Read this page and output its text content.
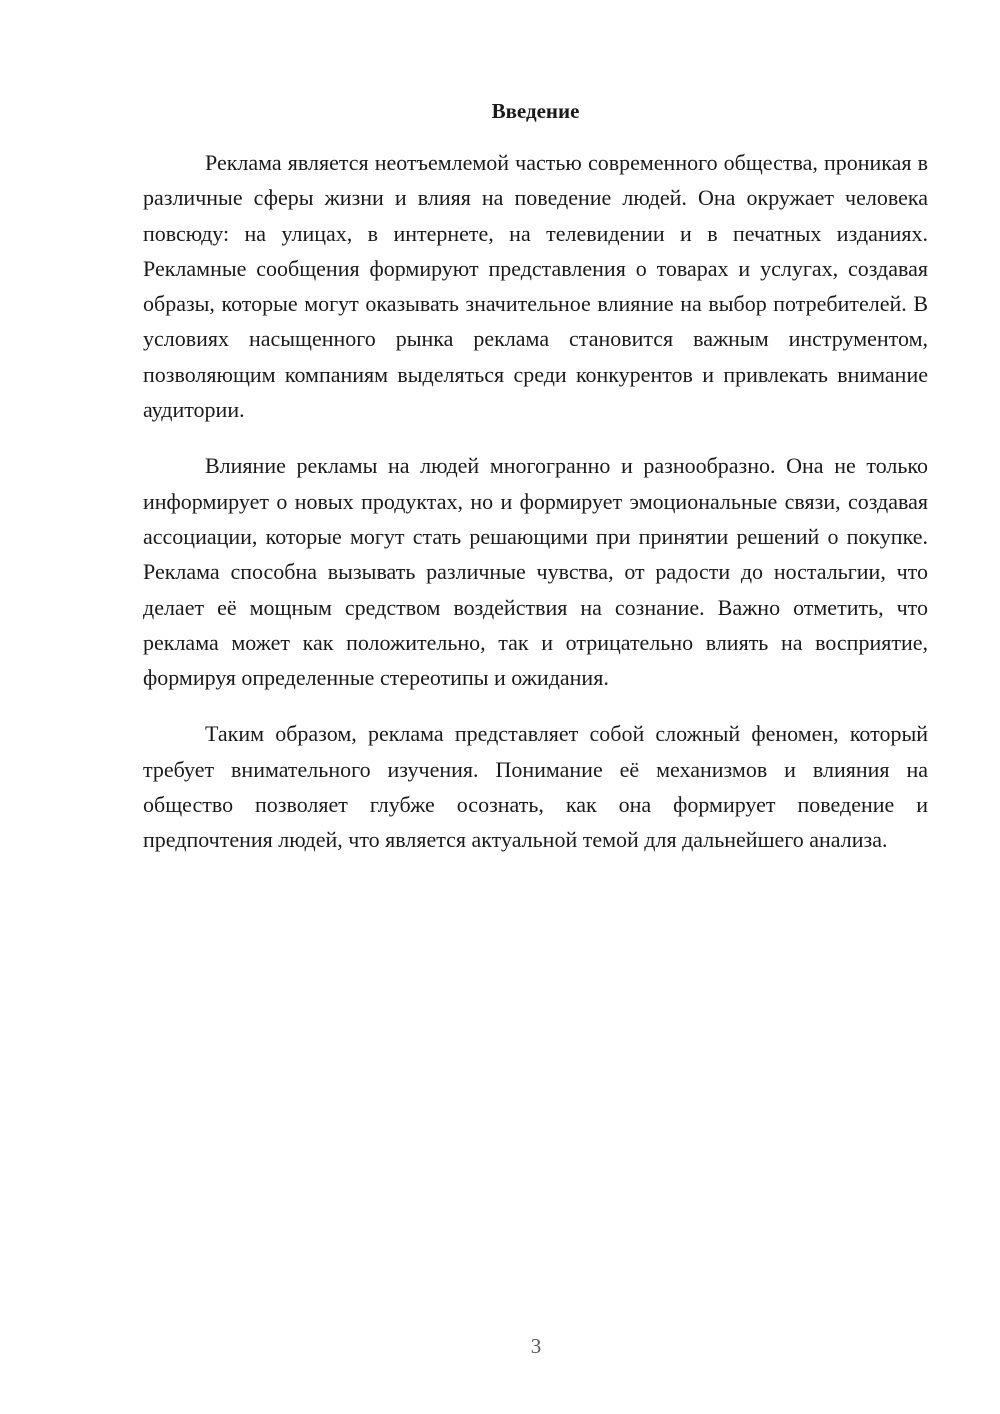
Введение

Реклама является неотъемлемой частью современного общества, проникая в различные сферы жизни и влияя на поведение людей. Она окружает человека повсюду: на улицах, в интернете, на телевидении и в печатных изданиях. Рекламные сообщения формируют представления о товарах и услугах, создавая образы, которые могут оказывать значительное влияние на выбор потребителей. В условиях насыщенного рынка реклама становится важным инструментом, позволяющим компаниям выделяться среди конкурентов и привлекать внимание аудитории.

Влияние рекламы на людей многогранно и разнообразно. Она не только информирует о новых продуктах, но и формирует эмоциональные связи, создавая ассоциации, которые могут стать решающими при принятии решений о покупке. Реклама способна вызывать различные чувства, от радости до ностальгии, что делает её мощным средством воздействия на сознание. Важно отметить, что реклама может как положительно, так и отрицательно влиять на восприятие, формируя определенные стереотипы и ожидания.

Таким образом, реклама представляет собой сложный феномен, который требует внимательного изучения. Понимание её механизмов и влияния на общество позволяет глубже осознать, как она формирует поведение и предпочтения людей, что является актуальной темой для дальнейшего анализа.

3
